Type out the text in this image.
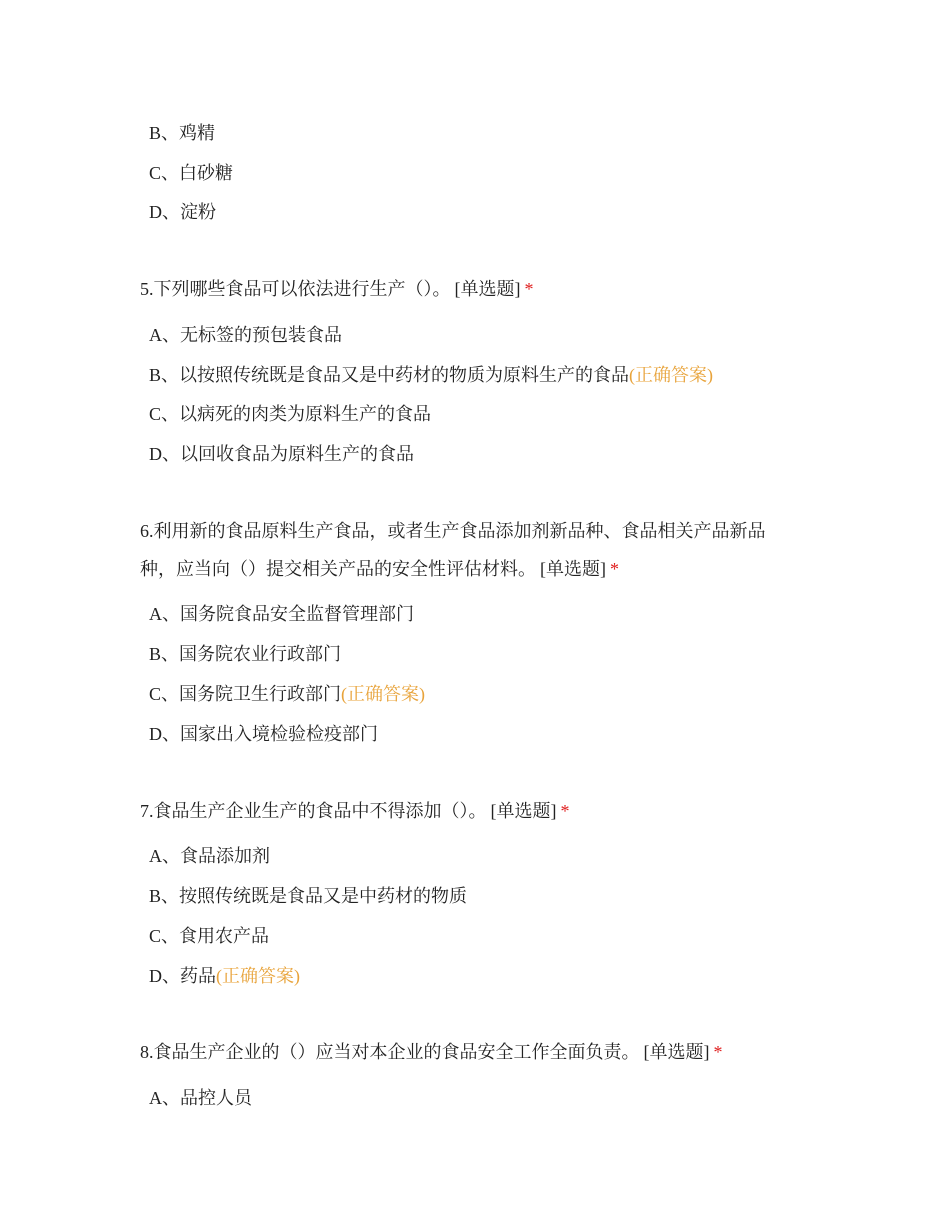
B、鸡精
C、白砂糖
D、淀粉
5.下列哪些食品可以依法进行生产（）。 [单选题] *
A、无标签的预包装食品
B、以按照传统既是食品又是中药材的物质为原料生产的食品(正确答案)
C、以病死的肉类为原料生产的食品
D、以回收食品为原料生产的食品
6.利用新的食品原料生产食品，或者生产食品添加剂新品种、食品相关产品新品种，应当向（）提交相关产品的安全性评估材料。 [单选题] *
A、国务院食品安全监督管理部门
B、国务院农业行政部门
C、国务院卫生行政部门(正确答案)
D、国家出入境检验检疫部门
7.食品生产企业生产的食品中不得添加（）。 [单选题] *
A、食品添加剂
B、按照传统既是食品又是中药材的物质
C、食用农产品
D、药品(正确答案)
8.食品生产企业的（）应当对本企业的食品安全工作全面负责。 [单选题] *
A、品控人员
